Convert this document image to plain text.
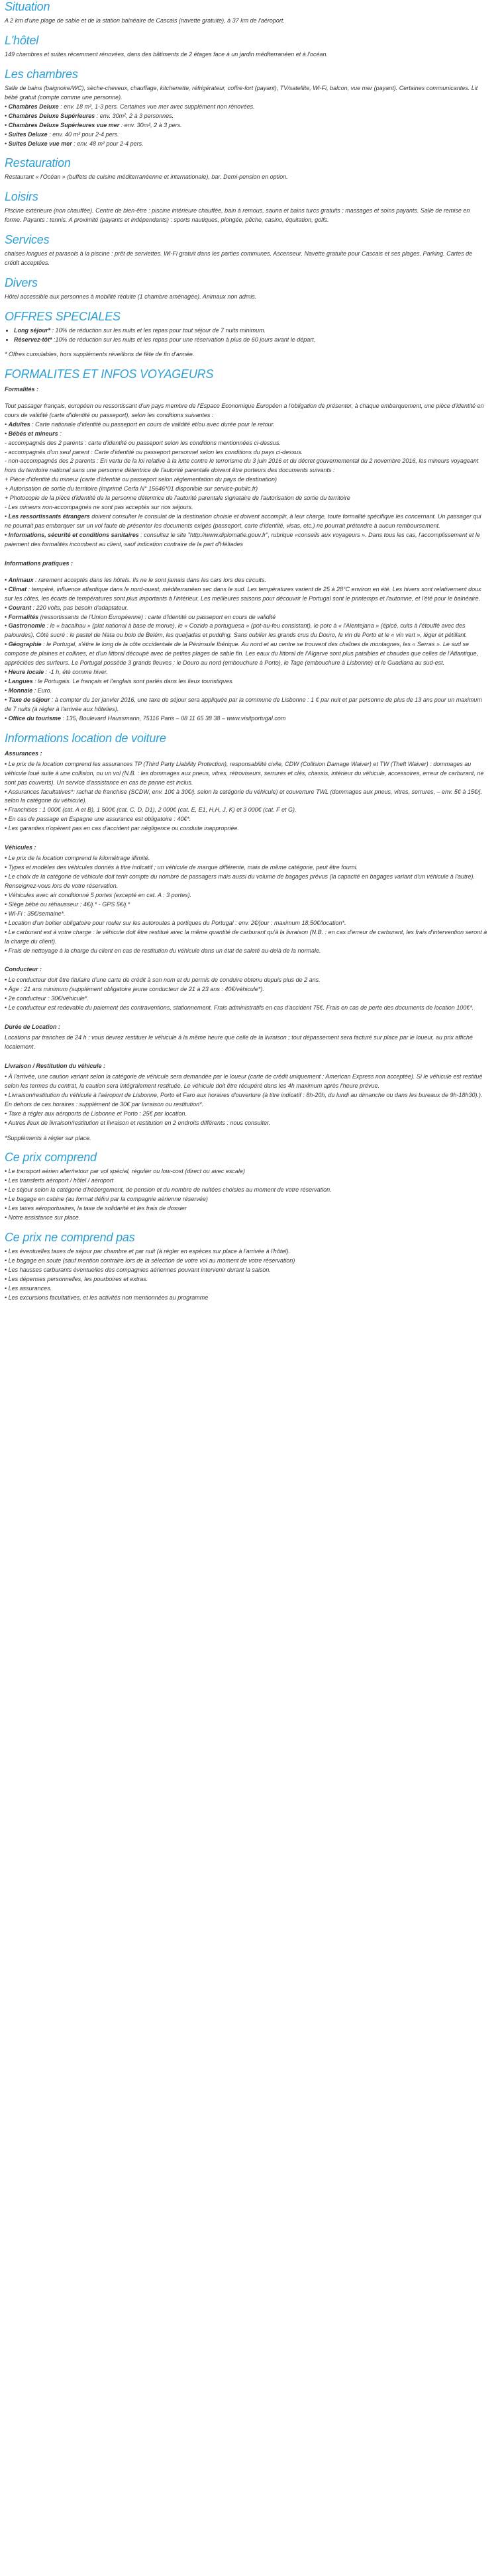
Situation

A 2 km d'une plage de sable et de la station balnéaire de Cascais (navette gratuite), à 37 km de l'aéroport.

L'hôtel

149 chambres et suites récemment rénovées, dans des bâtiments de 2 étages face à un jardin méditerranéen et à l'océan.

Les chambres

Salle de bains (baignoire/WC), sèche-cheveux, chauffage, kitchenette, réfrigérateur, coffre-fort (payant), TV/satellite, Wi-Fi, balcon, vue mer (payant). Certaines communicantes. Lit bébé gratuit (compte comme une personne).

• Chambres Deluxe : env. 18 m², 1-3 pers. Certaines vue mer avec supplément non rénovées.

• Chambres Deluxe Supérieures : env. 30m², 2 à 3 personnes.

• Chambres Deluxe Supérieures vue mer : env. 30m², 2 à 3 pers.

• Suites Deluxe : env. 40 m² pour 2-4 pers.

• Suites Deluxe vue mer : env. 48 m² pour 2-4 pers.

Restauration

Restaurant « l'Océan » (buffets de cuisine méditerranéenne et internationale), bar. Demi-pension en option.

Loisirs

Piscine extérieure (non chauffée). Centre de bien-être : piscine intérieure chauffée, bain à remous, sauna et bains turcs gratuits ; massages et soins payants. Salle de remise en forme. Payants : tennis. A proximité (payants et indépendants) : sports nautiques, plongée, pêche, casino, équitation, golfs.

Services

chaises longues et parasols à la piscine : prêt de serviettes. Wi-Fi gratuit dans les parties communes. Ascenseur. Navette gratuite pour Cascais et ses plages. Parking. Cartes de crédit acceptées.

Divers

Hôtel accessible aux personnes à mobilité réduite (1 chambre aménagée). Animaux non admis.

OFFRES SPECIALES
• Long séjour* : 10% de réduction sur les nuits et les repas pour tout séjour de 7 nuits minimum.
• Réservez-tôt* :10% de réduction sur les nuits et les repas pour une réservation à plus de 60 jours avant le départ.

* Offres cumulables, hors suppléments réveillons de fête de fin d'année.

FORMALITES ET INFOS VOYAGEURS

Formalités :

Tout passager français, européen ou ressortissant d'un pays membre de l'Espace Economique Européen a l'obligation de présenter, à chaque embarquement, une pièce d'identité en cours de validité (carte d'identité ou passeport), selon les conditions suivantes :

• Adultes : Carte nationale d'identité ou passeport en cours de validité et/ou avec durée pour le retour.

• Bébés et mineurs :

- accompagnés des 2 parents : carte d'identité ou passeport selon les conditions mentionnées ci-dessus.

- accompagnés d'un seul parent : Carte d'identité ou passeport personnel selon les conditions du pays ci-dessus.

- non-accompagnés des 2 parents : En vertu de la loi relative à la lutte contre le terrorisme du 3 juin 2016 et du décret gouvernemental du 2 novembre 2016, les mineurs voyageant hors du territoire national sans une personne détentrice de l'autorité parentale doivent être porteurs des documents suivants :

+ Pièce d'identité du mineur (carte d'identité ou passeport selon réglementation du pays de destination)

+ Autorisation de sortie du territoire (imprimé Cerfa N° 15646*01 disponible sur service-public.fr)

+ Photocopie de la pièce d'identité de la personne détentrice de l'autorité parentale signataire de l'autorisation de sortie du territoire

- Les mineurs non-accompagnés ne sont pas acceptés sur nos séjours.

• Les ressortissants étrangers doivent consulter le consulat de la destination choisie et doivent accomplir, à leur charge, toute formalité spécifique les concernant. Un passager qui ne pourrait pas embarquer sur un vol faute de présenter les documents exigés (passeport, carte d'identité, visas, etc.) ne pourrait prétendre à aucun remboursement.

• Informations, sécurité et conditions sanitaires : consultez le site "http://www.diplomatie.gouv.fr", rubrique «conseils aux voyageurs ». Dans tous les cas, l'accomplissement et le paiement des formalités incombent au client, sauf indication contraire de la part d'Héliades

Informations pratiques :

• Animaux : rarement acceptés dans les hôtels. Ils ne le sont jamais dans les cars lors des circuits.

• Climat : tempéré, influence atlantique dans le nord-ouest, méditerranéen sec dans le sud. Les températures varient de 25 à 28°C environ en été. Les hivers sont relativement doux sur les côtes, les écarts de températures sont plus importants à l'intérieur. Les meilleures saisons pour découvrir le Portugal sont le printemps et l'automne, et l'été pour le balnéaire.

• Courant : 220 volts, pas besoin d'adaptateur.

• Formalités (ressortissants de l'Union Européenne) : carte d'identité ou passeport en cours de validité

• Gastronomie : le « bacalhau » (plat national à base de morue), le « Cozido a portuguesa » (pot-au-feu consistant), le porc à « l'Alentejana » (épicé, cuits à l'étouffé avec des palourdes). Côté sucré : le pastel de Nata ou bolo de Belém, les queijadas et pudding. Sans oublier les grands crus du Douro, le vin de Porto et le « vin vert », léger et pétillant.

• Géographie : le Portugal, s'étire le long de la côte occidentale de la Péninsule Ibérique. Au nord et au centre se trouvent des chaînes de montagnes, les « Serras ». Le sud se compose de plaines et collines, et d'un littoral découpé avec de petites plages de sable fin. Les eaux du littoral de l'Algarve sont plus paisibles et chaudes que celles de l'Atlantique, appréciées des surfeurs. Le Portugal possède 3 grands fleuves : le Douro au nord (embouchure à Porto), le Tage (embouchure à Lisbonne) et le Guadiana au sud-est.

• Heure locale : -1 h, été comme hiver.

• Langues : le Portugais. Le français et l'anglais sont parlés dans les lieux touristiques.

• Monnaie : Euro.

• Taxe de séjour : à compter du 1er janvier 2016, une taxe de séjour sera appliquée par la commune de Lisbonne : 1 € par nuit et par personne de plus de 13 ans pour un maximum de 7 nuits (à régler à l'arrivée aux hôtelies).

• Office du tourisme : 135, Boulevard Haussmann, 75116 Paris – 08 11 65 38 38 – www.visitportugal.com

Informations location de voiture

Assurances :

• Le prix de la location comprend les assurances TP (Third Party Liability Protection), responsabilité civile, CDW (Collision Damage Waiver) et TW (Theft Waiver) : dommages au véhicule loué suite à une collision, ou un vol (N.B. : les dommages aux pneus, vitres, rétroviseurs, serrures et clés, chassis, intérieur du véhicule, accessoires, erreur de carburant, ne sont pas couverts). Un service d'assistance en cas de panne est inclus.

• Assurances facultatives*: rachat de franchise (SCDW, env. 10€ à 30€/j. selon la catégorie du véhicule) et couverture TWL (dommages aux pneus, vitres, serrures, – env. 5€ à 15€/j. selon la catégorie du véhicule).

• Franchises : 1 000€ (cat. A et B), 1 500€ (cat. C, D, D1), 2 000€ (cat. E, E1, H,H, J, K) et 3 000€ (cat. F et G).

• En cas de passage en Espagne une assurance est obligatoire : 40€*.

• Les garanties n'opèrent pas en cas d'accident par négligence ou conduite inappropriée.

Véhicules :

• Le prix de la location comprend le kilométrage illimité.

• Types et modèles des véhicules donnés à titre indicatif ; un véhicule de marque différente, mais de même catégorie, peut être fourni.

• Le choix de la catégorie de véhicule doit tenir compte du nombre de passagers mais aussi du volume de bagages prévus (la capacité en bagages variant d'un véhicule à l'autre). Renseignez-vous lors de votre réservation.

• Véhicules avec air conditionné 5 portes (excepté en cat. A : 3 portes).

• Siège bébé ou réhausseur : 4€/j.* - GPS 5€/j.*

• Wi-Fi : 35€/semaine*.

• Location d'un boitier obligatoire pour rouler sur les autoroutes à portiques du Portugal : env. 2€/jour : maximum 18,50€/location*.

• Le carburant est à votre charge : le véhicule doit être restitué avec la même quantité de carburant qu'à la livraison (N.B. : en cas d'erreur de carburant, les frais d'intervention seront à la charge du client).

• Frais de nettoyage à la charge du client en cas de restitution du véhicule dans un état de saleté au-delà de la normale.

Conducteur :

• Le conducteur doit être titulaire d'une carte de crédit à son nom et du permis de conduire obtenu depuis plus de 2 ans.

• Âge : 21 ans minimum (supplément obligatoire jeune conducteur de 21 à 23 ans : 40€/véhicule*).

• 2e conducteur : 30€/véhicule*.

• Le conducteur est redevable du paiement des contraventions, stationnement. Frais administratifs en cas d'accident 75€. Frais en cas de perte des documents de location 100€*.

Durée de Location :

Locations par tranches de 24 h : vous devrez restituer le véhicule à la même heure que celle de la livraison ; tout dépassement sera facturé sur place par le loueur, au prix affiché localement.

Livraison / Restitution du véhicule :

• À l'arrivée, une caution variant selon la catégorie de véhicule sera demandée par le loueur (carte de crédit uniquement ; American Express non acceptée). Si le véhicule est restitué selon les termes du contrat, la caution sera intégralement restituée. Le véhicule doit être récupéré dans les 4h maximum après l'heure prévue.

• Livraison/restitution du véhicule à l'aéroport de Lisbonne, Porto et Faro aux horaires d'ouverture (à titre indicatif : 8h-20h, du lundi au dimanche ou dans les bureaux de 9h-18h30).). En dehors de ces horaires : supplément de 30€ par livraison ou restitution*.

• Taxe à régler aux aéroports de Lisbonne et Porto : 25€ par location.

• Autres lieux de livraison/restitution et livraison et restitution en 2 endroits différents : nous consulter.

*Suppléments à régler sur place.

Ce prix comprend

• Le transport aérien aller/retour par vol spécial, régulier ou low-cost (direct ou avec escale)

• Les transferts aéroport / hôtel / aéroport

• Le séjour selon la catégorie d'hébergement, de pension et du nombre de nuitées choisies au moment de votre réservation.

• Le bagage en cabine (au format défini par la compagnie aérienne réservée)

• Les taxes aéroportuaires, la taxe de solidarité et les frais de dossier

• Notre assistance sur place.

Ce prix ne comprend pas

• Les éventuelles taxes de séjour par chambre et par nuit (à régler en espèces sur place à l'arrivée à l'hôtel).

• Le bagage en soute (sauf mention contraire lors de la sélection de votre vol au moment de votre réservation)

• Les hausses carburants éventuelles des compagnies aériennes pouvant intervenir durant la saison.

• Les dépenses personnelles, les pourboires et extras.

• Les assurances.

• Les excursions facultatives, et les activités non mentionnées au programme
